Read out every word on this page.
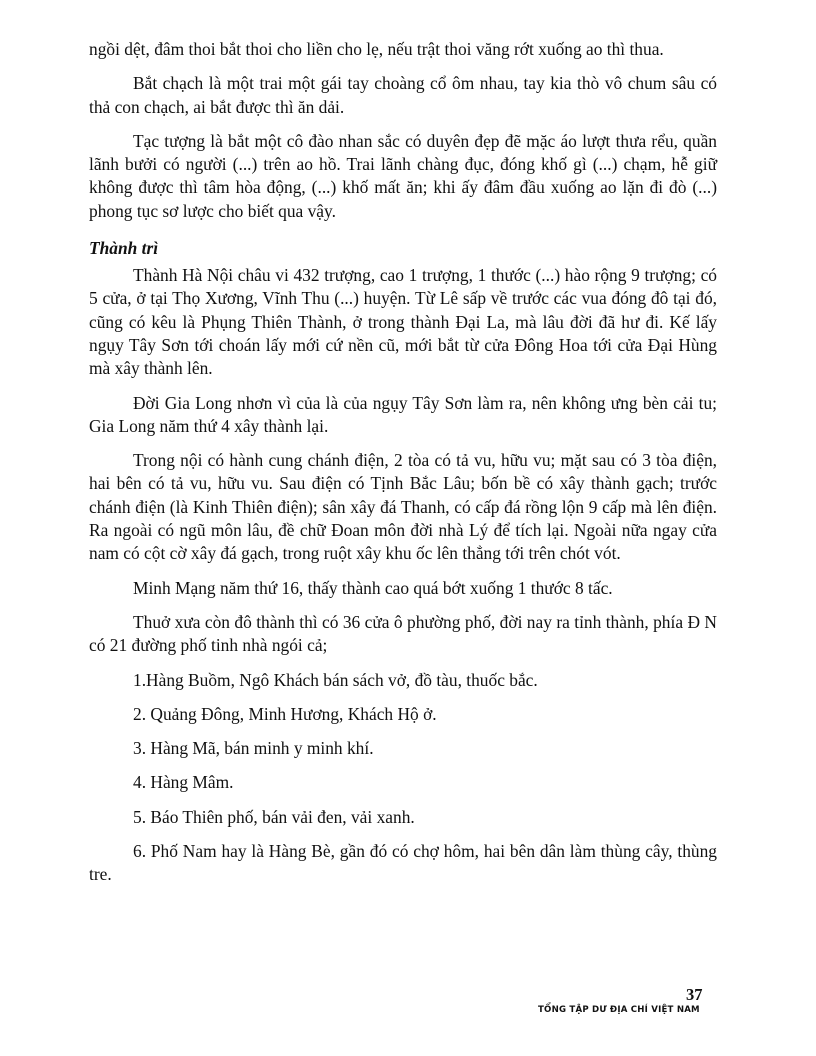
ngồi dệt, đâm thoi bắt thoi cho liền cho lẹ, nếu trật thoi văng rớt xuống ao thì thua.

Bắt chạch là một trai một gái tay choàng cổ ôm nhau, tay kia thò vô chum sâu có thả con chạch, ai bắt được thì ăn dải.

Tạc tượng là bắt một cô đào nhan sắc có duyên đẹp đẽ mặc áo lượt thưa rểu, quần lãnh bưởi có người (...) trên ao hồ. Trai lãnh chàng đục, đóng khố gì (...) chạm, hễ giữ không được thì tâm hòa động, (...) khố mất ăn; khi ấy đâm đầu xuống ao lặn đi đò (...) phong tục sơ lược cho biết qua vậy.

Thành trì

Thành Hà Nội châu vi 432 trượng, cao 1 trượng, 1 thước (...) hào rộng 9 trượng; có 5 cửa, ở tại Thọ Xương, Vĩnh Thu (...) huyện. Từ Lê sấp về trước các vua đóng đô tại đó, cũng có kêu là Phụng Thiên Thành, ở trong thành Đại La, mà lâu đời đã hư đi. Kế lấy ngụy Tây Sơn tới choán lấy mới cứ nền cũ, mới bắt từ cửa Đông Hoa tới cửa Đại Hùng mà xây thành lên.

Đời Gia Long nhơn vì của là của ngụy Tây Sơn làm ra, nên không ưng bèn cải tu; Gia Long năm thứ 4 xây thành lại.

Trong nội có hành cung chánh điện, 2 tòa có tả vu, hữu vu; mặt sau có 3 tòa điện, hai bên có tả vu, hữu vu. Sau điện có Tịnh Bắc Lâu; bốn bề có xây thành gạch; trước chánh điện (là Kinh Thiên điện); sân xây đá Thanh, có cấp đá rồng lộn 9 cấp mà lên điện. Ra ngoài có ngũ môn lâu, đề chữ Đoan môn đời nhà Lý để tích lại. Ngoài nữa ngay cửa nam có cột cờ xây đá gạch, trong ruột xây khu ốc lên thẳng tới trên chót vót.

Minh Mạng năm thứ 16, thấy thành cao quá bớt xuống 1 thước 8 tấc.

Thuở xưa còn đô thành thì có 36 cửa ô phường phố, đời nay ra tỉnh thành, phía Đ N có 21 đường phố tinh nhà ngói cả;

1.Hàng Buồm, Ngô Khách bán sách vở, đồ tàu, thuốc bắc.

2. Quảng Đông, Minh Hương, Khách Hộ ở.

3. Hàng Mã, bán minh y minh khí.

4. Hàng Mâm.

5. Báo Thiên phố, bán vải đen, vải xanh.

6. Phố Nam hay là Hàng Bè, gần đó có chợ hôm, hai bên dân làm thùng cây, thùng tre.

37
TỔNG TẬP DƯ ĐỊA CHÍ VIỆT NAM
